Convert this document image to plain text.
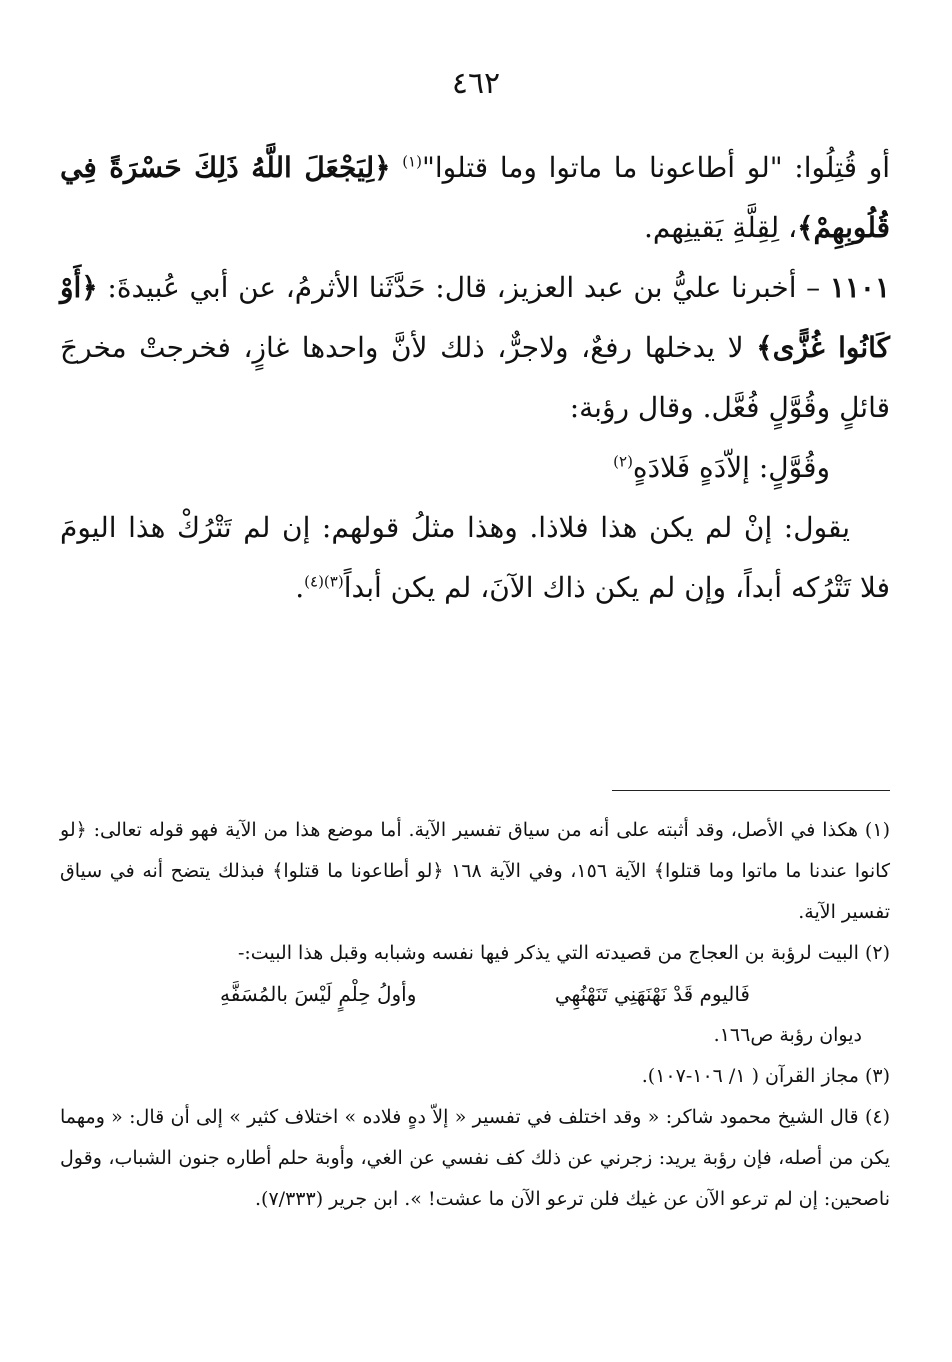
٤٦٢

أو قُتِلُوا: "لو أطاعونا ما ماتوا وما قتلوا"$^{(١)}$ ﴿لِيَجْعَلَ اللَّهُ ذَلِكَ حَسْرَةً فِي قُلُوبِهِمْ﴾، لِقِلَّةِ يَقينِهم.

١١٠١ – أخبرنا عليُّ بن عبد العزيز، قال: حَدَّثَنا الأثرمُ، عن أبي عُبيدةَ: ﴿أَوْ كَانُوا غُزًّى﴾ لا يدخلها رفعٌ، ولاجرٌّ، ذلك لأنَّ واحدها غازٍ، فخرجتْ مخرجَ قائلٍ وقُوَّلٍ فُعَّل. وقال رؤبة:

وقُوَّلٍ: إلاّدَهٍ فَلادَهٍ$^{(٢)}$

يقول: إنْ لم يكن هذا فلاذا. وهذا مثلُ قولهم: إن لم تَتْرُكْ هذا اليومَ فلا تَتْرُكه أبداً، وإن لم يكن ذاك الآنَ، لم يكن أبداً$^{(٣)(٤)}$.

(١) هكذا في الأصل، وقد أثبته على أنه من سياق تفسير الآية. أما موضع هذا من الآية فهو قوله تعالى: ﴿لو كانوا عندنا ما ماتوا وما قتلوا﴾ الآية ١٥٦، وفي الآية ١٦٨ ﴿لو أطاعونا ما قتلوا﴾ فبذلك يتضح أنه في سياق تفسير الآية.

(٢) البيت لرؤبة بن العجاج من قصيدته التي يذكر فيها نفسه وشبابه وقبل هذا البيت:-

فَاليوم قَدْ نَهْنَهَنِي تَنَهْنُهِي
وأولُ حِلْمٍ لَيْسَ بالمُسَفَّهِ

ديوان رؤبة ص١٦٦.

(٣) مجاز القرآن ( ١/ ١٠٦-١٠٧).

(٤) قال الشيخ محمود شاكر: « وقد اختلف في تفسير « إلاّ دهٍ فلاده » اختلاف كثير » إلى أن قال: « ومهما يكن من أصله، فإن رؤبة يريد: زجرني عن ذلك كف نفسي عن الغي، وأوبة حلم أطاره جنون الشباب، وقول ناصحين: إن لم ترعو الآن عن غيك فلن ترعو الآن ما عشت! ». ابن جرير (٧/٣٣٣).
